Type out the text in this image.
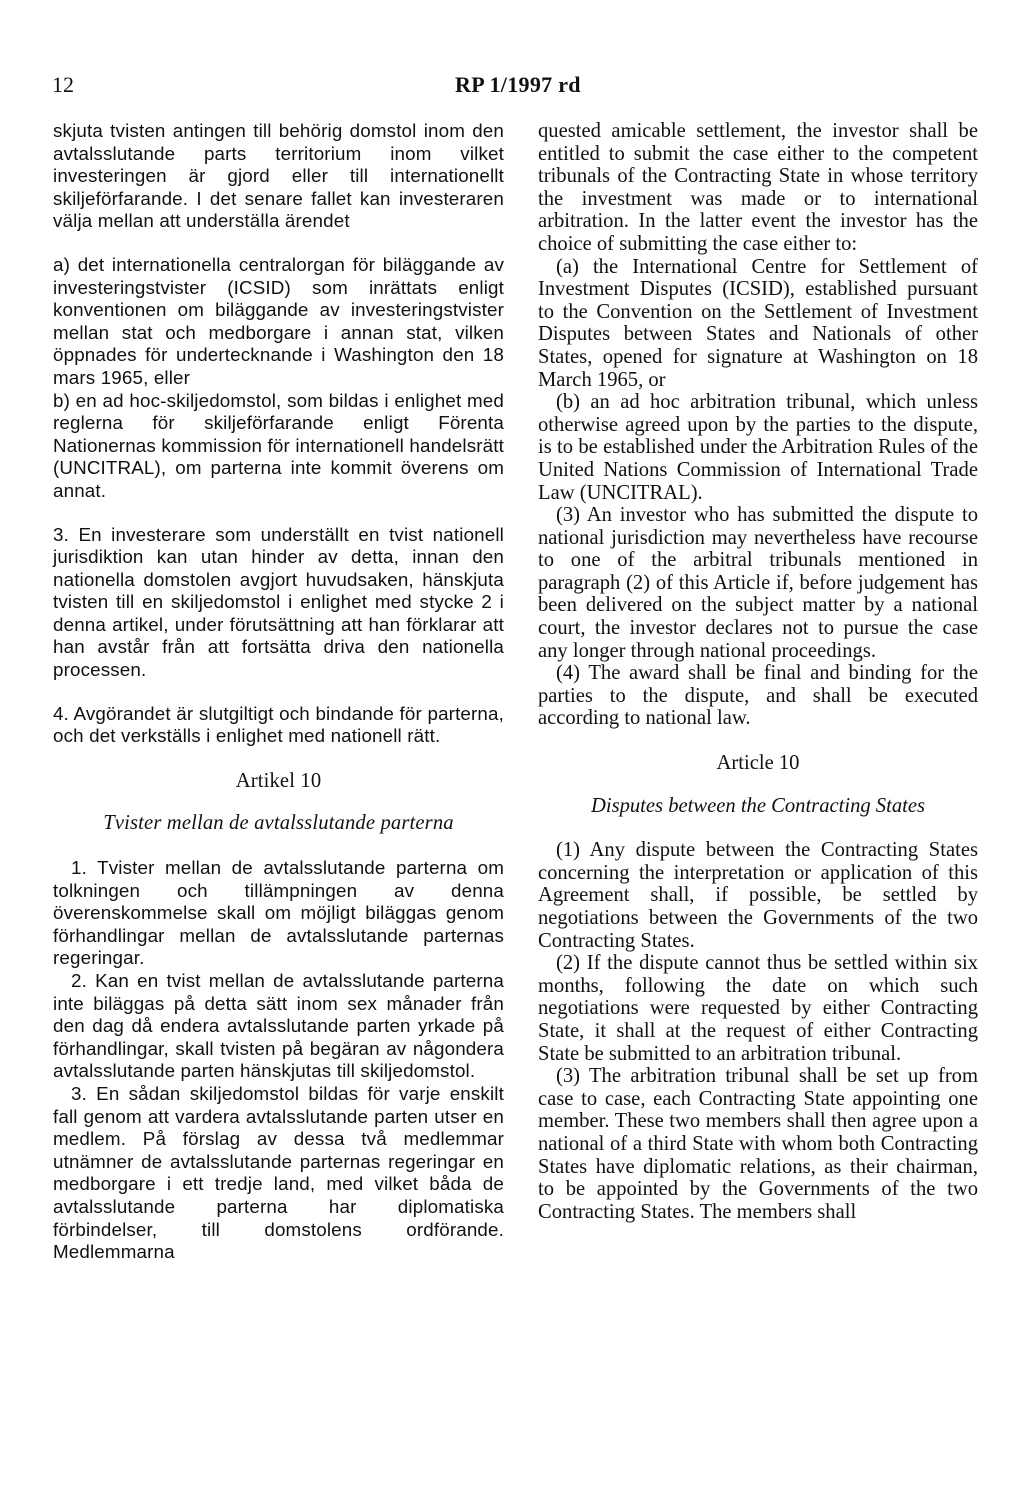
12	RP 1/1997 rd

skjuta tvisten antingen till behörig domstol inom den avtalsslutande parts territorium inom vilket investeringen är gjord eller till internationellt skiljeförfarande. I det senare fallet kan investeraren välja mellan att underställa ärendet

a) det internationella centralorgan för biläggande av investeringstvister (ICSID) som inrättats enligt konventionen om biläggande av investeringstvister mellan stat och medborgare i annan stat, vilken öppnades för undertecknande i Washington den 18 mars 1965, eller

b) en ad hoc-skiljedomstol, som bildas i enlighet med reglerna för skiljeförfarande enligt Förenta Nationernas kommission för internationell handelsrätt (UNCITRAL), om parterna inte kommit överens om annat.

3. En investerare som underställt en tvist nationell jurisdiktion kan utan hinder av detta, innan den nationella domstolen avgjort huvudsaken, hänskjuta tvisten till en skiljedomstol i enlighet med stycke 2 i denna artikel, under förutsättning att han förklarar att han avstår från att fortsätta driva den nationella processen.

4. Avgörandet är slutgiltigt och bindande för parterna, och det verkställs i enlighet med nationell rätt.

Artikel 10

Tvister mellan de avtalsslutande parterna

1. Tvister mellan de avtalsslutande parterna om tolkningen och tillämpningen av denna överenskommelse skall om möjligt biläggas genom förhandlingar mellan de avtalsslutande parternas regeringar.

2. Kan en tvist mellan de avtalsslutande parterna inte biläggas på detta sätt inom sex månader från den dag då endera avtalsslutande parten yrkade på förhandlingar, skall tvisten på begäran av någondera avtalsslutande parten hänskjutas till skiljedomstol.

3. En sådan skiljedomstol bildas för varje enskilt fall genom att vardera avtalsslutande parten utser en medlem. På förslag av dessa två medlemmar utnämner de avtalsslutande parternas regeringar en medborgare i ett tredje land, med vilket båda de avtalsslutande parterna har diplomatiska förbindelser, till domstolens ordförande. Medlemmarna

quested amicable settlement, the investor shall be entitled to submit the case either to the competent tribunals of the Contracting State in whose territory the investment was made or to international arbitration. In the latter event the investor has the choice of submitting the case either to:

(a) the International Centre for Settlement of Investment Disputes (ICSID), established pursuant to the Convention on the Settlement of Investment Disputes between States and Nationals of other States, opened for signature at Washington on 18 March 1965, or

(b) an ad hoc arbitration tribunal, which unless otherwise agreed upon by the parties to the dispute, is to be established under the Arbitration Rules of the United Nations Commission of International Trade Law (UNCITRAL).

(3) An investor who has submitted the dispute to national jurisdiction may nevertheless have recourse to one of the arbitral tribunals mentioned in paragraph (2) of this Article if, before judgement has been delivered on the subject matter by a national court, the investor declares not to pursue the case any longer through national proceedings.

(4) The award shall be final and binding for the parties to the dispute, and shall be executed according to national law.

Article 10

Disputes between the Contracting States

(1) Any dispute between the Contracting States concerning the interpretation or application of this Agreement shall, if possible, be settled by negotiations between the Governments of the two Contracting States.

(2) If the dispute cannot thus be settled within six months, following the date on which such negotiations were requested by either Contracting State, it shall at the request of either Contracting State be submitted to an arbitration tribunal.

(3) The arbitration tribunal shall be set up from case to case, each Contracting State appointing one member. These two members shall then agree upon a national of a third State with whom both Contracting States have diplomatic relations, as their chairman, to be appointed by the Governments of the two Contracting States. The members shall
